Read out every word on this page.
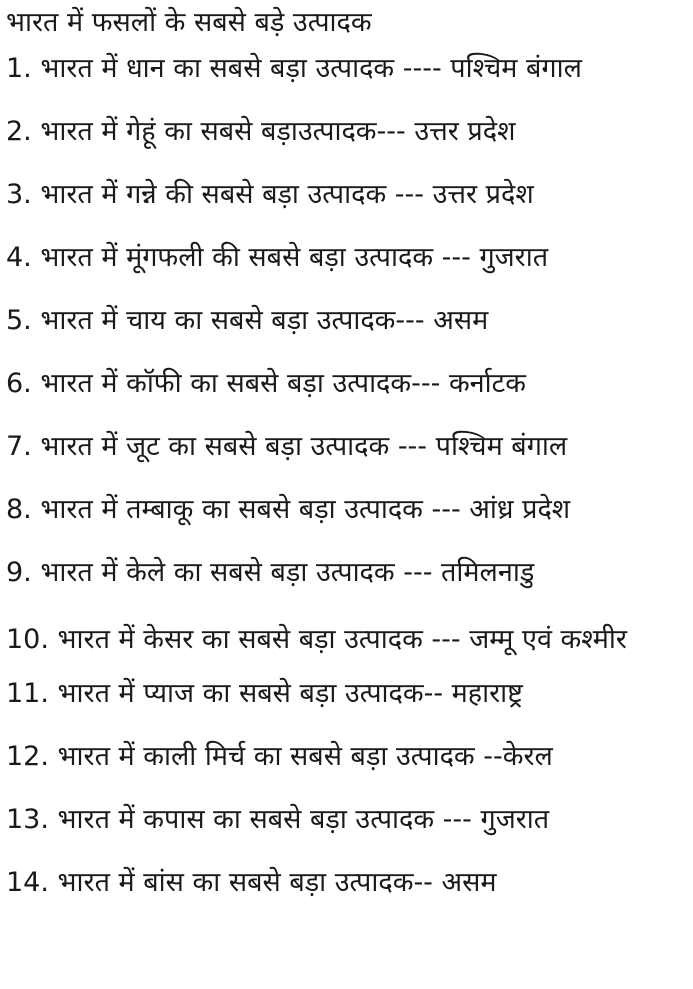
भारत में फसलों के सबसे बड़े उत्पादक
1. भारत में धान का सबसे बड़ा उत्पादक ---- पश्चिम बंगाल
2. भारत में गेहूं का सबसे बड़ाउत्पादक--- उत्तर प्रदेश
3. भारत में गन्ने की सबसे बड़ा उत्पादक --- उत्तर प्रदेश
4. भारत में मूंगफली की सबसे बड़ा उत्पादक --- गुजरात
5. भारत में चाय का सबसे बड़ा उत्पादक--- असम
6. भारत में कॉफी का सबसे बड़ा उत्पादक--- कर्नाटक
7. भारत में जूट का सबसे बड़ा उत्पादक --- पश्चिम बंगाल
8. भारत में तम्बाकू का सबसे बड़ा उत्पादक --- आंध्र प्रदेश
9. भारत में केले का सबसे बड़ा उत्पादक --- तमिलनाडु
10. भारत में केसर का सबसे बड़ा उत्पादक --- जम्मू एवं कश्मीर
11. भारत में प्याज का सबसे बड़ा उत्पादक-- महाराष्ट्र
12. भारत में काली मिर्च का सबसे बड़ा उत्पादक --केरल
13. भारत में कपास का सबसे बड़ा उत्पादक --- गुजरात
14. भारत में बांस का सबसे बड़ा उत्पादक-- असम
